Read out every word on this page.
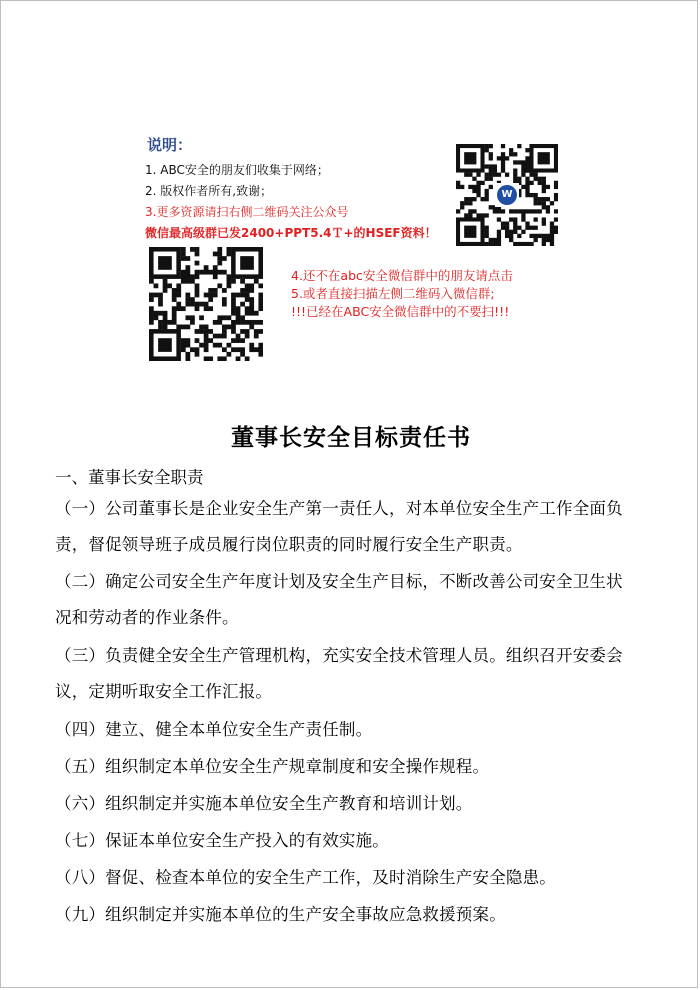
说明：
1. ABC安全的朋友们收集于网络；
2. 版权作者所有,致谢；
3.更多资源请扫右侧二维码关注公众号
微信最高级群已发2400+PPT5.4Ｔ+的HSEF资料！
W
4.还不在abc安全微信群中的朋友请点击
5.或者直接扫描左侧二维码入微信群;
!!!已经在ABC安全微信群中的不要扫!!!
董事长安全目标责任书
一、董事长安全职责
（一）公司董事长是企业安全生产第一责任人，对本单位安全生产工作全面负
责，督促领导班子成员履行岗位职责的同时履行安全生产职责。
（二）确定公司安全生产年度计划及安全生产目标，不断改善公司安全卫生状
况和劳动者的作业条件。
（三）负责健全安全生产管理机构，充实安全技术管理人员。组织召开安委会
议，定期听取安全工作汇报。
（四）建立、健全本单位安全生产责任制。
（五）组织制定本单位安全生产规章制度和安全操作规程。
（六）组织制定并实施本单位安全生产教育和培训计划。
（七）保证本单位安全生产投入的有效实施。
（八）督促、检查本单位的安全生产工作，及时消除生产安全隐患。
（九）组织制定并实施本单位的生产安全事故应急救援预案。
